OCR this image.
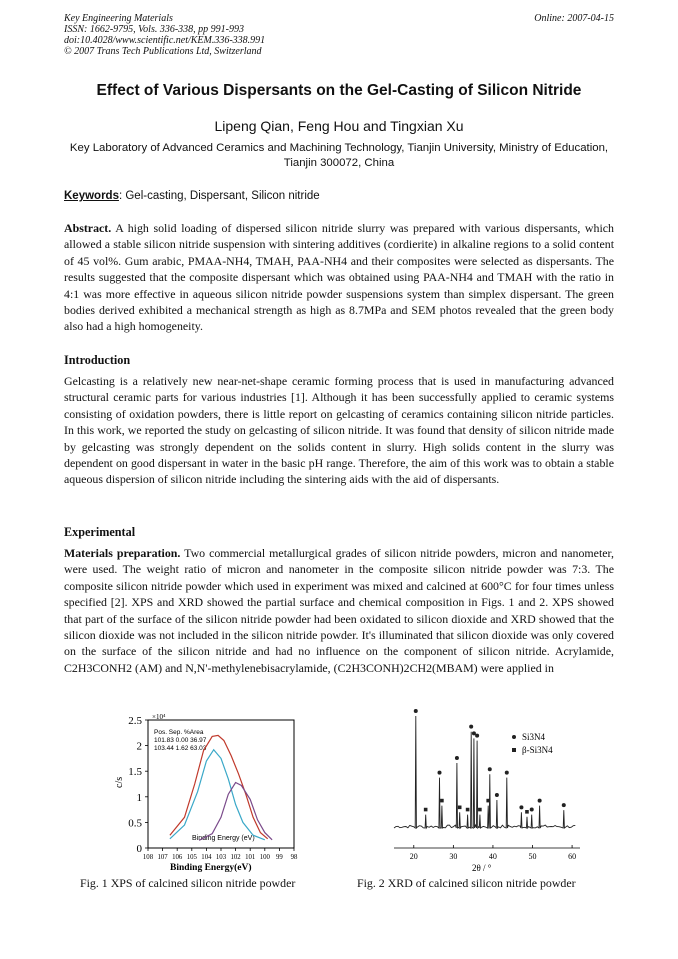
Key Engineering Materials
ISSN: 1662-9795, Vols. 336-338, pp 991-993
doi:10.4028/www.scientific.net/KEM.336-338.991
© 2007 Trans Tech Publications Ltd, Switzerland
Online: 2007-04-15
Effect of Various Dispersants on the Gel-Casting of Silicon Nitride
Lipeng Qian, Feng Hou and Tingxian Xu
Key Laboratory of Advanced Ceramics and Machining Technology, Tianjin University, Ministry of Education, Tianjin 300072, China
Keywords: Gel-casting, Dispersant, Silicon nitride
Abstract. A high solid loading of dispersed silicon nitride slurry was prepared with various dispersants, which allowed a stable silicon nitride suspension with sintering additives (cordierite) in alkaline regions to a solid content of 45 vol%. Gum arabic, PMAA-NH4, TMAH, PAA-NH4 and their composites were selected as dispersants. The results suggested that the composite dispersant which was obtained using PAA-NH4 and TMAH with the ratio in 4:1 was more effective in aqueous silicon nitride powder suspensions system than simplex dispersant. The green bodies derived exhibited a mechanical strength as high as 8.7MPa and SEM photos revealed that the green body also had a high homogeneity.
Introduction
Gelcasting is a relatively new near-net-shape ceramic forming process that is used in manufacturing advanced structural ceramic parts for various industries [1]. Although it has been successfully applied to ceramic systems consisting of oxidation powders, there is little report on gelcasting of ceramics containing silicon nitride particles. In this work, we reported the study on gelcasting of silicon nitride. It was found that density of silicon nitride made by gelcasting was strongly dependent on the solids content in slurry. High solids content in the slurry was dependent on good dispersant in water in the basic pH range. Therefore, the aim of this work was to obtain a stable aqueous dispersion of silicon nitride including the sintering aids with the aid of dispersants.
Experimental
Materials preparation. Two commercial metallurgical grades of silicon nitride powders, micron and nanometer, were used. The weight ratio of micron and nanometer in the composite silicon nitride powder was 7:3. The composite silicon nitride powder which used in experiment was mixed and calcined at 600°C for four times unless specified [2]. XPS and XRD showed the partial surface and chemical composition in Figs. 1 and 2. XPS showed that part of the surface of the silicon nitride powder had been oxidated to silicon dioxide and XRD showed that the silicon dioxide was not included in the silicon nitride powder. It's illuminated that silicon dioxide was only covered on the surface of the silicon nitride and had no influence on the component of silicon nitride. Acrylamide, C2H3CONH2 (AM) and N,N'-methylenebisacrylamide, (C2H3CONH)2CH2(MBAM) were applied in
×10⁴
Pos. Sep. %Area
101.83 0.00 36.97
103.44 1.62 63.03
Binding Energy (eV)
Binding Energy(eV)
c/s
0
0.5
1
1.5
2
2.5
108 107 106 105 104 103 102 101 100 99 98
Fig. 1 XPS of calcined silicon nitride powder
Si3N4
β-Si3N4
2θ / °
20	30	40	50	60
Fig. 2 XRD of calcined silicon nitride powder
